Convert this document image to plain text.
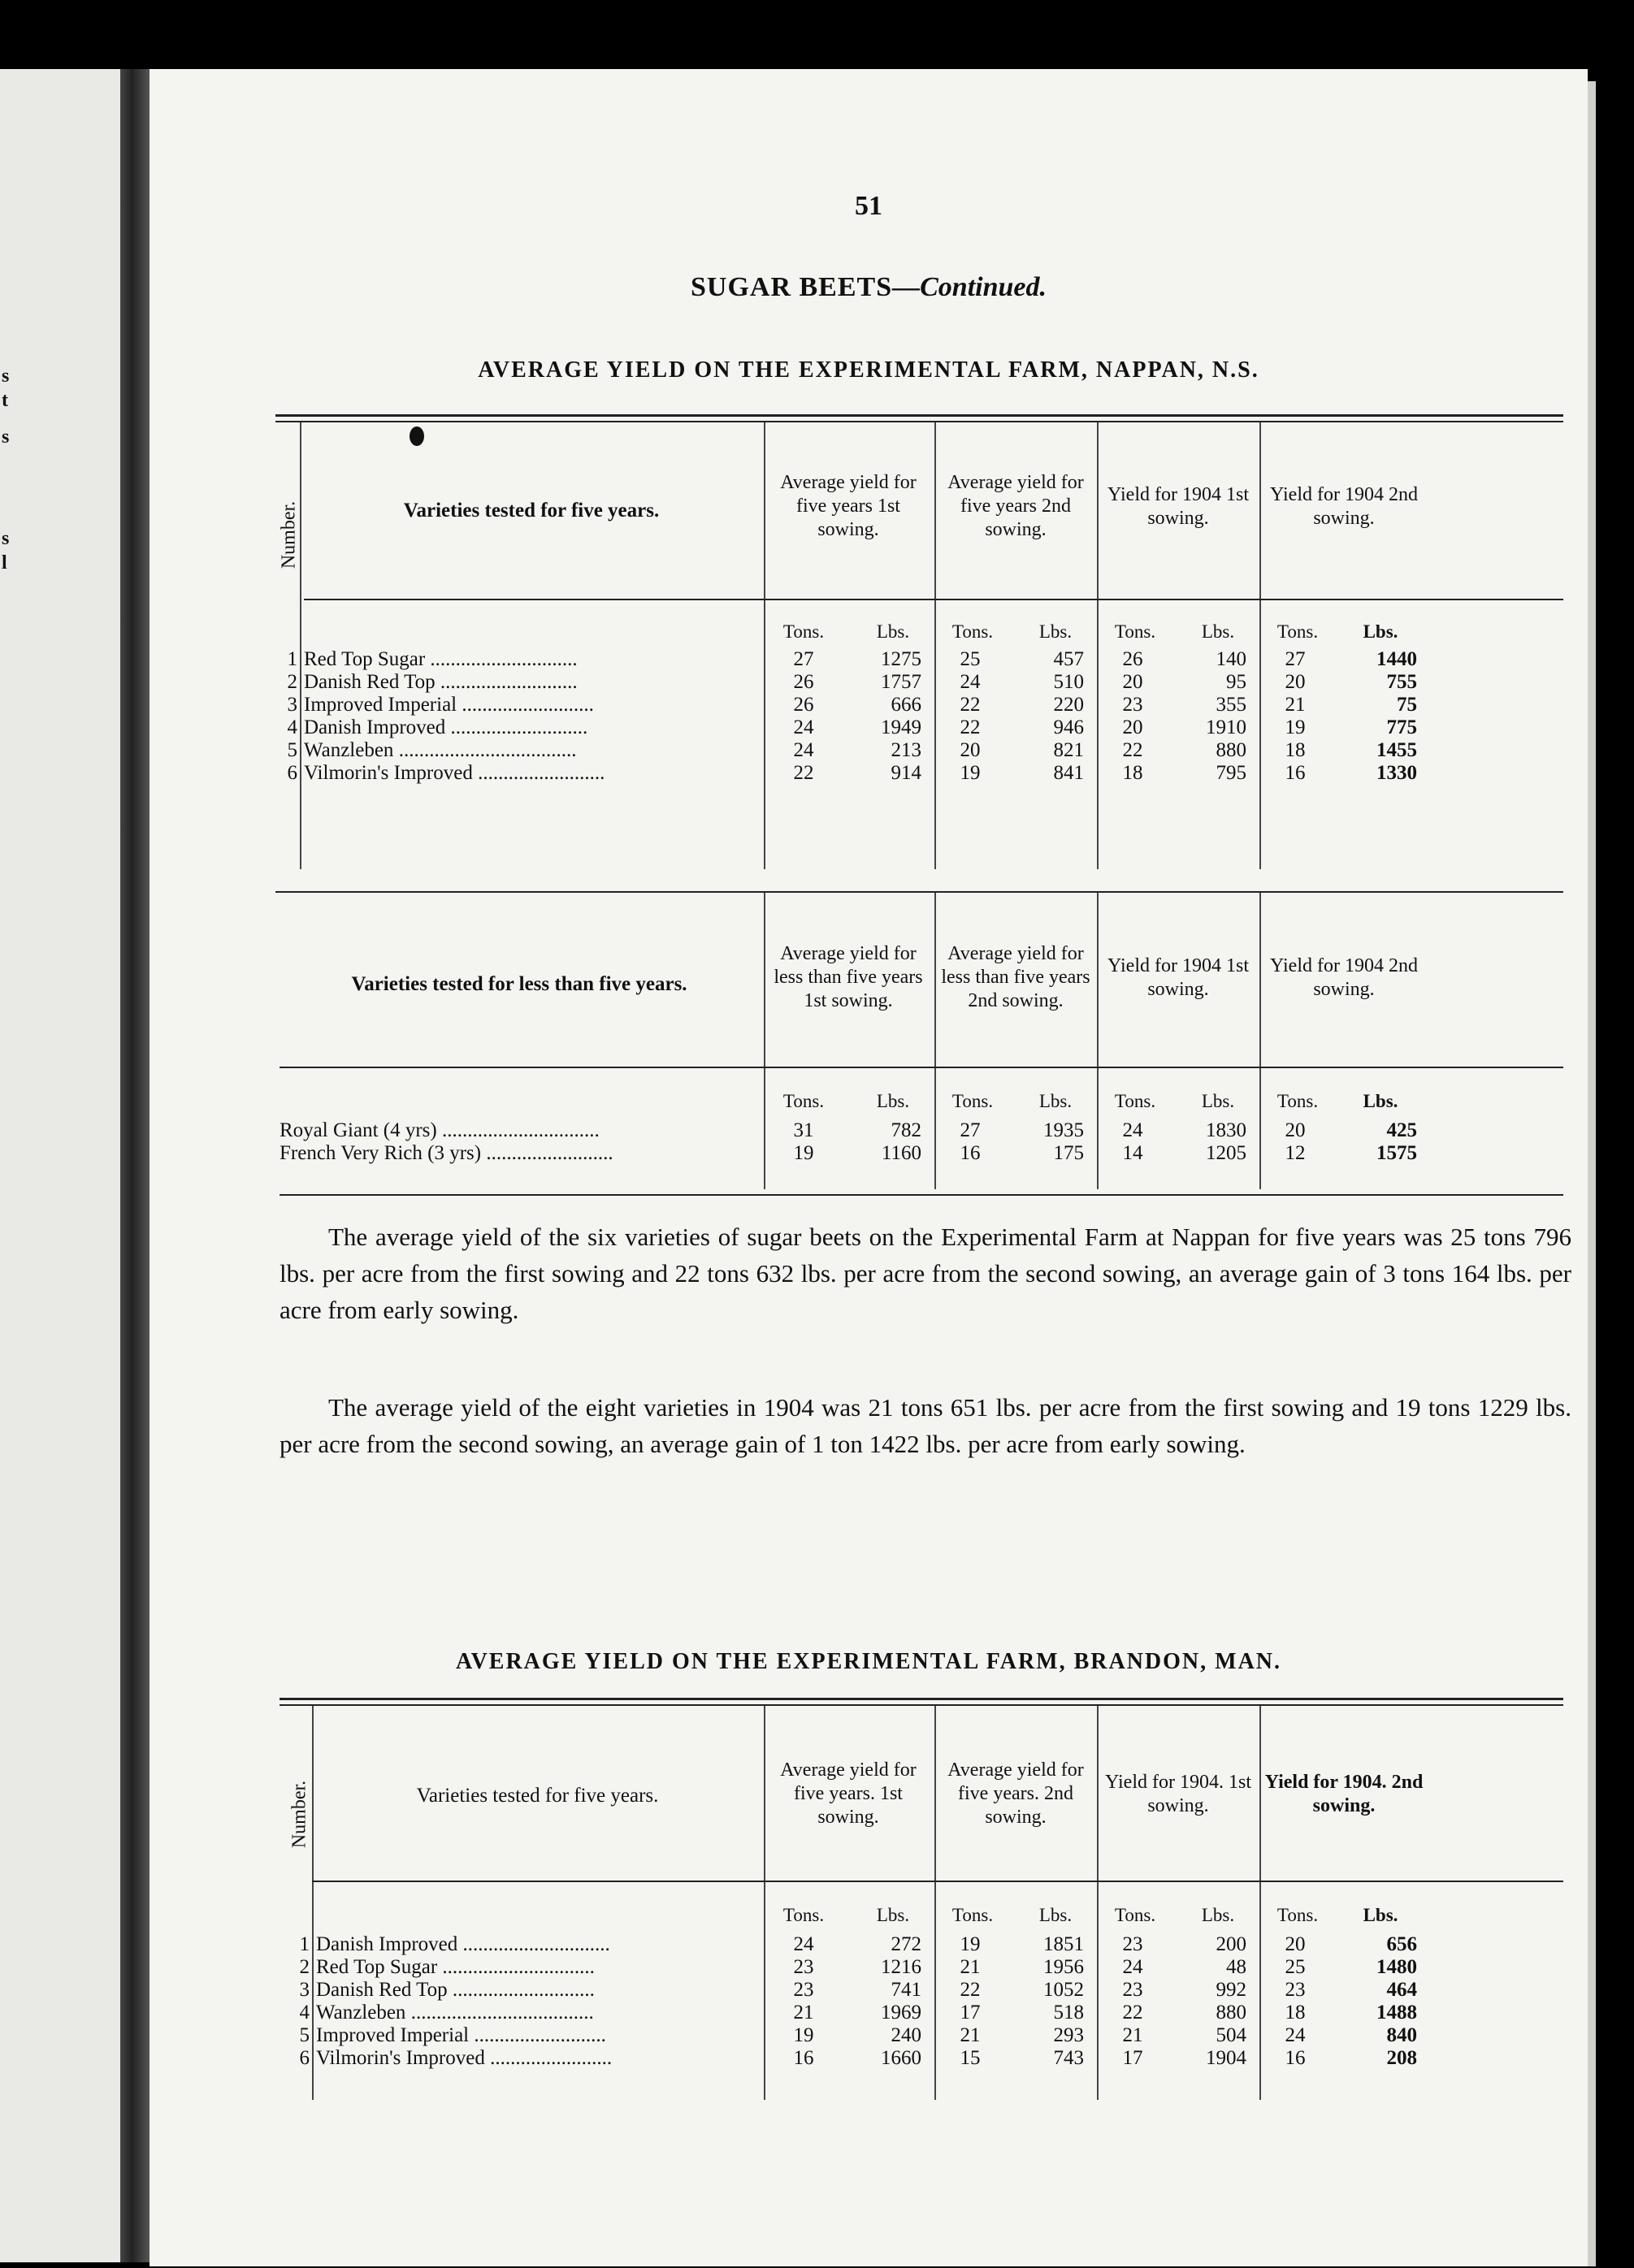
s
t
s
s
l
51
SUGAR BEETS—Continued.
AVERAGE YIELD ON THE EXPERIMENTAL FARM, NAPPAN, N.S.
Number.	Varieties tested for five years.
Average yield for five years 1st sowing.
Average yield for five years 2nd sowing.
Yield for 1904 1st sowing.
Yield for 1904 2nd sowing.
Tons.	Lbs.	Tons.	Lbs.	Tons.	Lbs.	Tons.	Lbs.
1 Red Top Sugar .............................	27	1275	25	457	26	140	27	1440
2 Danish Red Top ...........................	26	1757	24	510	20	95	20	755
3 Improved Imperial ..........................	26	666	22	220	23	355	21	75
4 Danish Improved ...........................	24	1949	22	946	20	1910	19	775
5 Wanzleben ...................................	24	213	20	821	22	880	18	1455
6 Vilmorin's Improved .........................	22	914	19	841	18	795	16	1330
Varieties tested for less than five years.
Average yield for less than five years 1st sowing.
Average yield for less than five years 2nd sowing.
Yield for 1904 1st sowing.
Yield for 1904 2nd sowing.
Tons.	Lbs.	Tons.	Lbs.	Tons.	Lbs.	Tons.	Lbs.
Royal Giant (4 yrs) ...............................	31	782	27	1935	24	1830	20	425
French Very Rich (3 yrs) .........................	19	1160	16	175	14	1205	12	1575

The average yield of the six varieties of sugar beets on the Experimental Farm at Nappan for five years was 25 tons 796 lbs. per acre from the first sowing and 22 tons 632 lbs. per acre from the second sowing, an average gain of 3 tons 164 lbs. per acre from early sowing.

The average yield of the eight varieties in 1904 was 21 tons 651 lbs. per acre from the first sowing and 19 tons 1229 lbs. per acre from the second sowing, an average gain of 1 ton 1422 lbs. per acre from early sowing.

AVERAGE YIELD ON THE EXPERIMENTAL FARM, BRANDON, MAN.
Number.	Varieties tested for five years.
Average yield for five years. 1st sowing.
Average yield for five years. 2nd sowing.
Yield for 1904. 1st sowing.
Yield for 1904. 2nd sowing.
Tons.	Lbs.	Tons.	Lbs.	Tons.	Lbs.	Tons.	Lbs.
1 Danish Improved .............................	24	272	19	1851	23	200	20	656
2 Red Top Sugar ..............................	23	1216	21	1956	24	48	25	1480
3 Danish Red Top ............................	23	741	22	1052	23	992	23	464
4 Wanzleben ....................................	21	1969	17	518	22	880	18	1488
5 Improved Imperial ..........................	19	240	21	293	21	504	24	840
6 Vilmorin's Improved ........................	16	1660	15	743	17	1904	16	208
